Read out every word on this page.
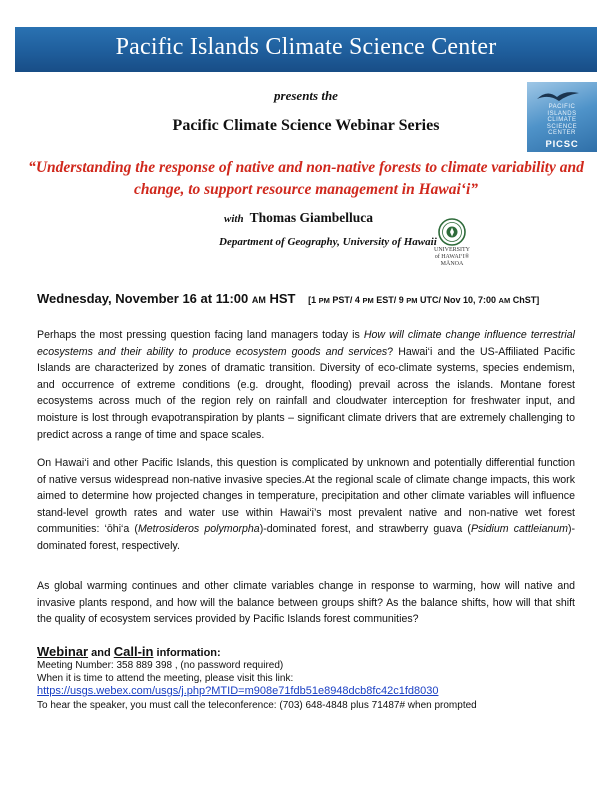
Pacific Islands Climate Science Center
presents the
Pacific Climate Science Webinar Series
PACIFIC
ISLANDS
CLIMATE
SCIENCE
CENTER
PICSC
“Understanding the response of native and non-native forests to climate variability and change, to support resource management in Hawai‘i”
with Thomas Giambelluca
Department of Geography, University of Hawaii
UNIVERSITY
of HAWAI‘I®
MĀNOA
Wednesday, November 16 at 11:00 AM HST [1 PM PST/ 4 PM EST/ 9 PM UTC/ Nov 10, 7:00 AM ChST]

Perhaps the most pressing question facing land managers today is How will climate change influence terrestrial ecosystems and their ability to produce ecosystem goods and services? Hawai‘i and the US-Affiliated Pacific Islands are characterized by zones of dramatic transition. Diversity of eco-climate systems, species endemism, and occurrence of extreme conditions (e.g. drought, flooding) prevail across the islands. Montane forest ecosystems across much of the region rely on rainfall and cloudwater interception for freshwater input, and moisture is lost through evapotranspiration by plants – significant climate drivers that are extremely challenging to predict across a range of time and space scales.

On Hawai‘i and other Pacific Islands, this question is complicated by unknown and potentially differential function of native versus widespread non-native invasive species.At the regional scale of climate change impacts, this work aimed to determine how projected changes in temperature, precipitation and other climate variables will influence stand-level growth rates and water use within Hawai‘i’s most prevalent native and non-native wet forest communities: ‘ōhi‘a (Metrosideros polymorpha)-dominated forest, and strawberry guava (Psidium cattleianum)- dominated forest, respectively.

As global warming continues and other climate variables change in response to warming, how will native and invasive plants respond, and how will the balance between groups shift? As the balance shifts, how will that shift the quality of ecosystem services provided by Pacific Islands forest communities?

Webinar and Call-in information:
Meeting Number: 358 889 398 , (no password required)
When it is time to attend the meeting, please visit this link:
https://usgs.webex.com/usgs/j.php?MTID=m908e71fdb51e8948dcb8fc42c1fd8030
To hear the speaker, you must call the teleconference: (703) 648-4848 plus 71487# when prompted
